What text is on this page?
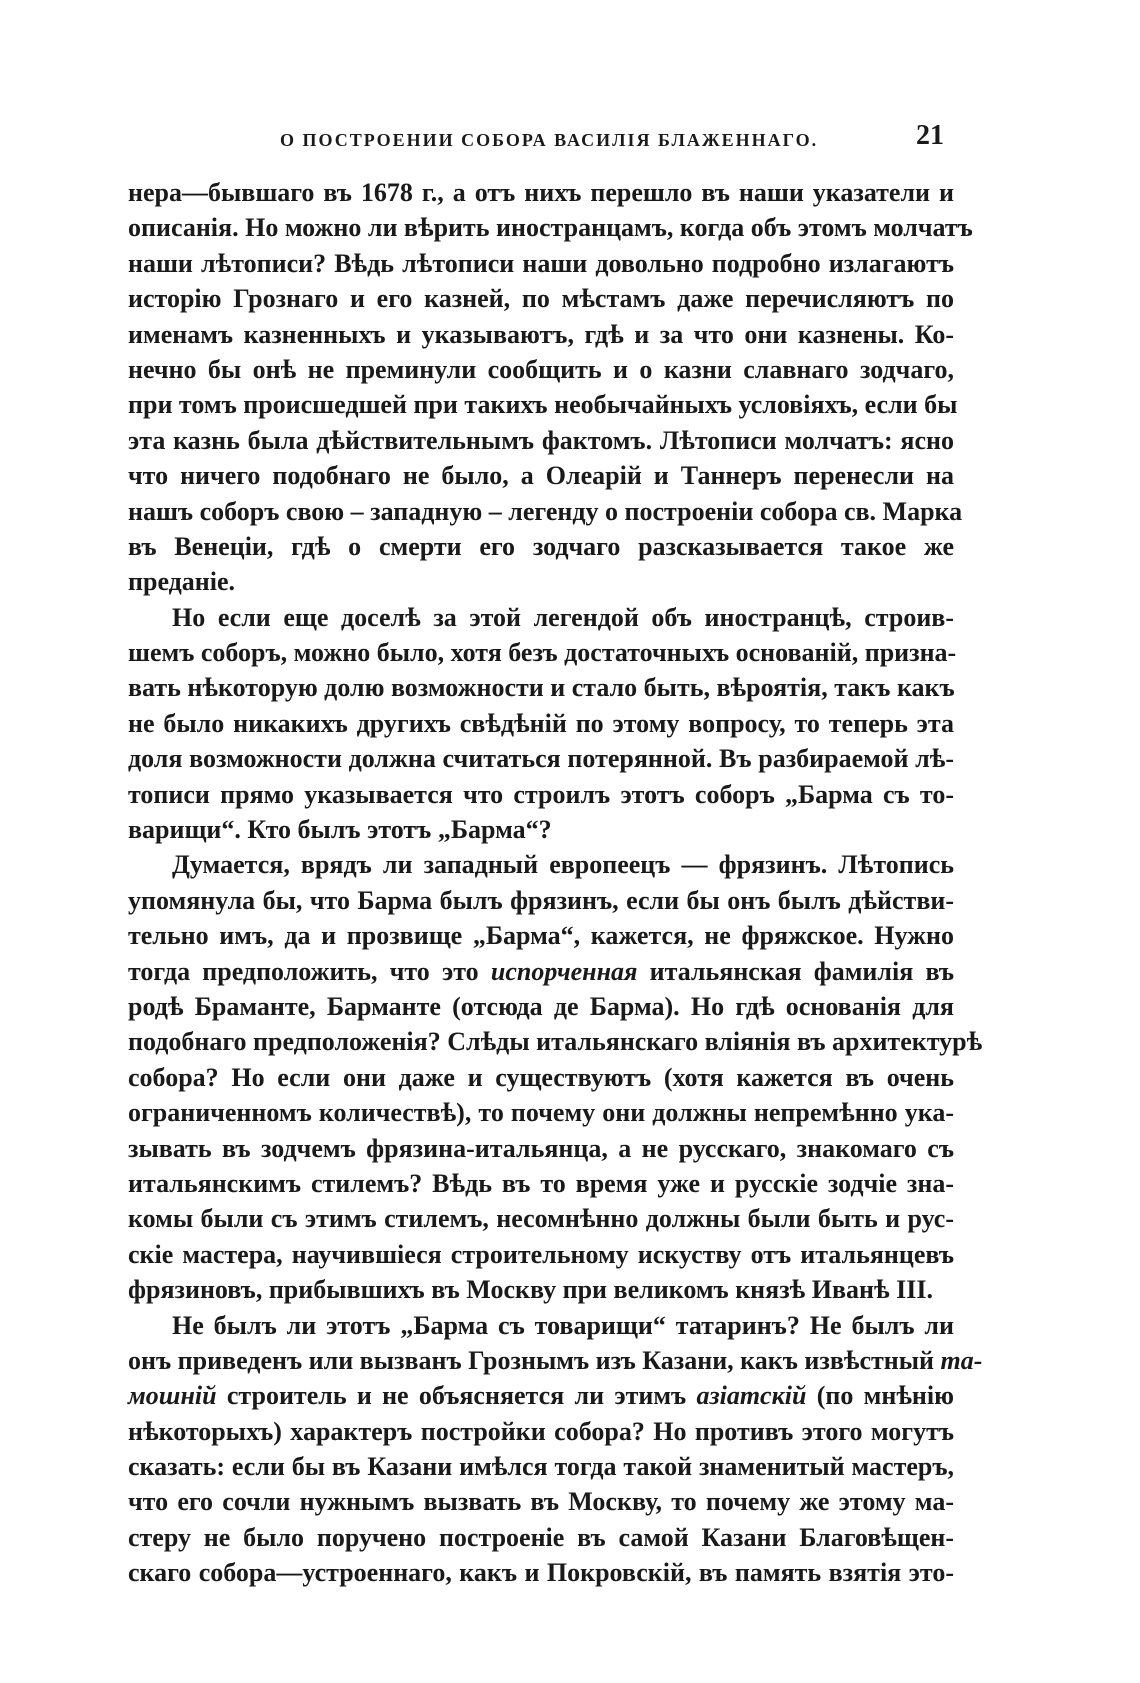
О ПОСТРОЕНИИ СОБОРА ВАСИЛІЯ БЛАЖЕННАГО.	21
нера—бывшаго въ 1678 г., а отъ нихъ перешло въ наши указатели и
описанія. Но можно ли вѣрить иностранцамъ, когда объ этомъ молчатъ
наши лѣтописи? Вѣдь лѣтописи наши довольно подробно излагаютъ
исторію Грознаго и его казней, по мѣстамъ даже перечисляютъ по
именамъ казненныхъ и указываютъ, гдѣ и за что они казнены. Ко-
нечно бы онѣ не преминули сообщить и о казни славнаго зодчаго,
при томъ происшедшей при такихъ необычайныхъ условіяхъ, если бы
эта казнь была дѣйствительнымъ фактомъ. Лѣтописи молчатъ: ясно
что ничего подобнаго не было, а Олеарій и Таннеръ перенесли на
нашъ соборъ свою – западную – легенду о построеніи собора св. Марка
въ Венеціи, гдѣ о смерти его зодчаго разсказывается такое же
преданіе.
Но если еще доселѣ за этой легендой объ иностранцѣ, строив-
шемъ соборъ, можно было, хотя безъ достаточныхъ основаній, призна-
вать нѣкоторую долю возможности и стало быть, вѣроятія, такъ какъ
не было никакихъ другихъ свѣдѣній по этому вопросу, то теперь эта
доля возможности должна считаться потерянной. Въ разбираемой лѣ-
тописи прямо указывается что строилъ этотъ соборъ „Барма съ то-
варищи“. Кто былъ этотъ „Барма“?
Думается, врядъ ли западный европеецъ — фрязинъ. Лѣтопись
упомянула бы, что Барма былъ фрязинъ, если бы онъ былъ дѣйстви-
тельно имъ, да и прозвище „Барма“, кажется, не фряжское. Нужно
тогда предположить, что это испорченная итальянская фамилія въ
родѣ Браманте, Барманте (отсюда де Барма). Но гдѣ основанія для
подобнаго предположенія? Слѣды итальянскаго вліянія въ архитектурѣ
собора? Но если они даже и существуютъ (хотя кажется въ очень
ограниченномъ количествѣ), то почему они должны непремѣнно ука-
зывать въ зодчемъ фрязина-итальянца, а не русскаго, знакомаго съ
итальянскимъ стилемъ? Вѣдь въ то время уже и русскіе зодчіе зна-
комы были съ этимъ стилемъ, несомнѣнно должны были быть и рус-
скіе мастера, научившіеся строительному искуству отъ итальянцевъ
фрязиновъ, прибывшихъ въ Москву при великомъ князѣ Иванѣ III.
Не былъ ли этотъ „Барма съ товарищи“ татаринъ? Не былъ ли
онъ приведенъ или вызванъ Грознымъ изъ Казани, какъ извѣстный та-
мошній строитель и не объясняется ли этимъ азіатскій (по мнѣнію
нѣкоторыхъ) характеръ постройки собора? Но противъ этого могутъ
сказать: если бы въ Казани имѣлся тогда такой знаменитый мастеръ,
что его сочли нужнымъ вызвать въ Москву, то почему же этому ма-
стеру не было поручено построеніе въ самой Казани Благовѣщен-
скаго собора—устроеннаго, какъ и Покровскій, въ память взятія это-
